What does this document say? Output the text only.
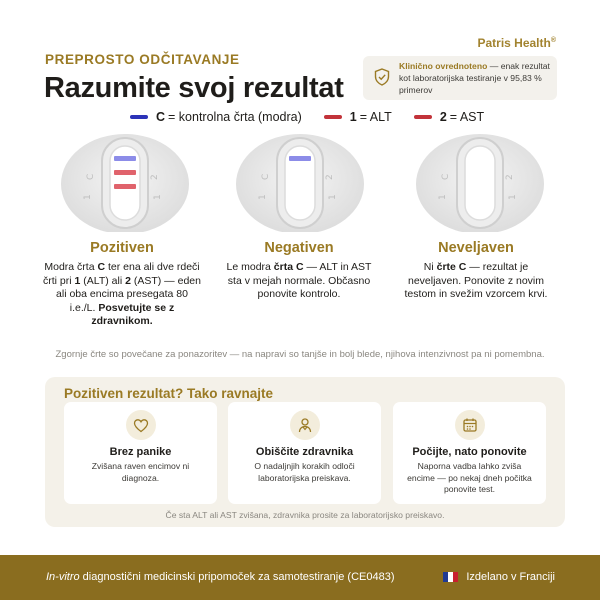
Patris Health®
PREPROSTO ODČITAVANJE
Razumite svoj rezultat
Klinično ovrednoteno — enak rezultat kot laboratorijska testiranje v 95,83 % primerov
C = kontrolna črta (modra)	1 = ALT	2 = AST
C
1
2
1
C
1
2
1
C
1
2
1
Pozitiven

Modra črta C ter ena ali dve rdeči črti pri 1 (ALT) ali 2 (AST) — eden ali oba encima presegata 80 i.e./L. Posvetujte se z zdravnikom.

Negativen

Le modra črta C — ALT in AST sta v mejah normale. Občasno ponovite kontrolo.

Neveljaven

Ni črte C — rezultat je neveljaven. Ponovite z novim testom in svežim vzorcem krvi.

Zgornje črte so povečane za ponazoritev — na napravi so tanjše in bolj blede, njihova intenzivnost pa ni pomembna.
Pozitiven rezultat? Tako ravnajte
Brez panike

Zvišana raven encimov ni diagnoza.

Obiščite zdravnika

O nadaljnjih korakih odloči laboratorijska preiskava.

Počijte, nato ponovite

Naporna vadba lahko zviša encime — po nekaj dneh počitka ponovite test.

Če sta ALT ali AST zvišana, zdravnika prosite za laboratorijsko preiskavo.
In-vitro diagnostični medicinski pripomoček za samotestiranje (CE0483)	Izdelano v Franciji
